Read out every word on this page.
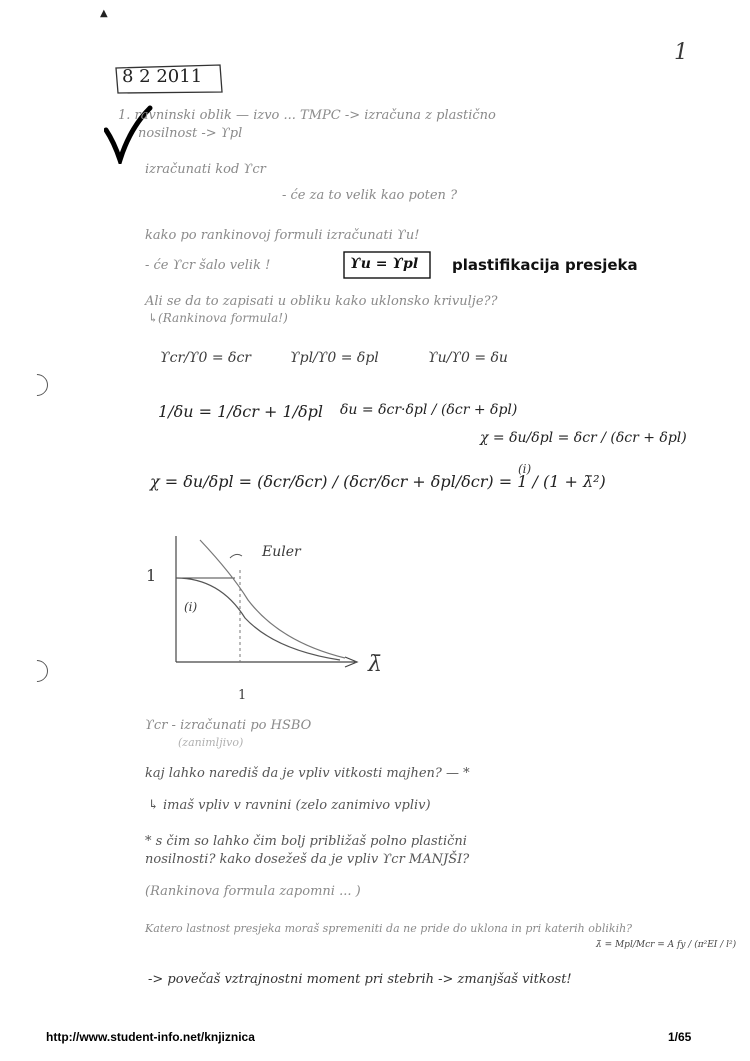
▲
1
8 2 2011
1. ravninski oblik — izvo ... TMPC -> izračuna z plastično
nosilnost -> ϒpl
izračunati kod ϒcr
- će za to velik kao poten ?
kako po rankinovoj formuli izračunati ϒu!
- će ϒcr šalo velik !	ϒu = ϒpl plastifikacija presjeka
Ali se da to zapisati u obliku kako uklonsko krivulje??
↳(Rankinova formula!)
ϒcr/ϒ0 = δcr	ϒpl/ϒ0 = δpl	ϒu/ϒ0 = δu
1/δu = 1/δcr + 1/δpl δu = δcr·δpl / (δcr + δpl)
χ = δu/δpl = δcr / (δcr + δpl)
χ = δu/δpl = (δcr/δcr) / (δcr/δcr + δpl/δcr) = 1 / (1 + λ̄²)
(i)
Euler
1
(i)
λ̄
1
ϒcr - izračunati po HSBO
(zanimljivo)
kaj lahko narediš da je vpliv vitkosti majhen? — *
↳ imaš vpliv v ravnini (zelo zanimivo vpliv)
* s čim so lahko čim bolj približaš polno plastični
nosilnosti? kako dosežeš da je vpliv ϒcr MANJŠI?
(Rankinova formula zapomni ... )
Katero lastnost presjeka moraš spremeniti da ne pride do uklona in pri katerih oblikih?
λ̄ = Mpl/Mcr = A fy / (π²EI / l²)
-> povečaš vztrajnostni moment pri stebrih -> zmanjšaš vitkost!
http://www.student-info.net/knjiznica	1/65
